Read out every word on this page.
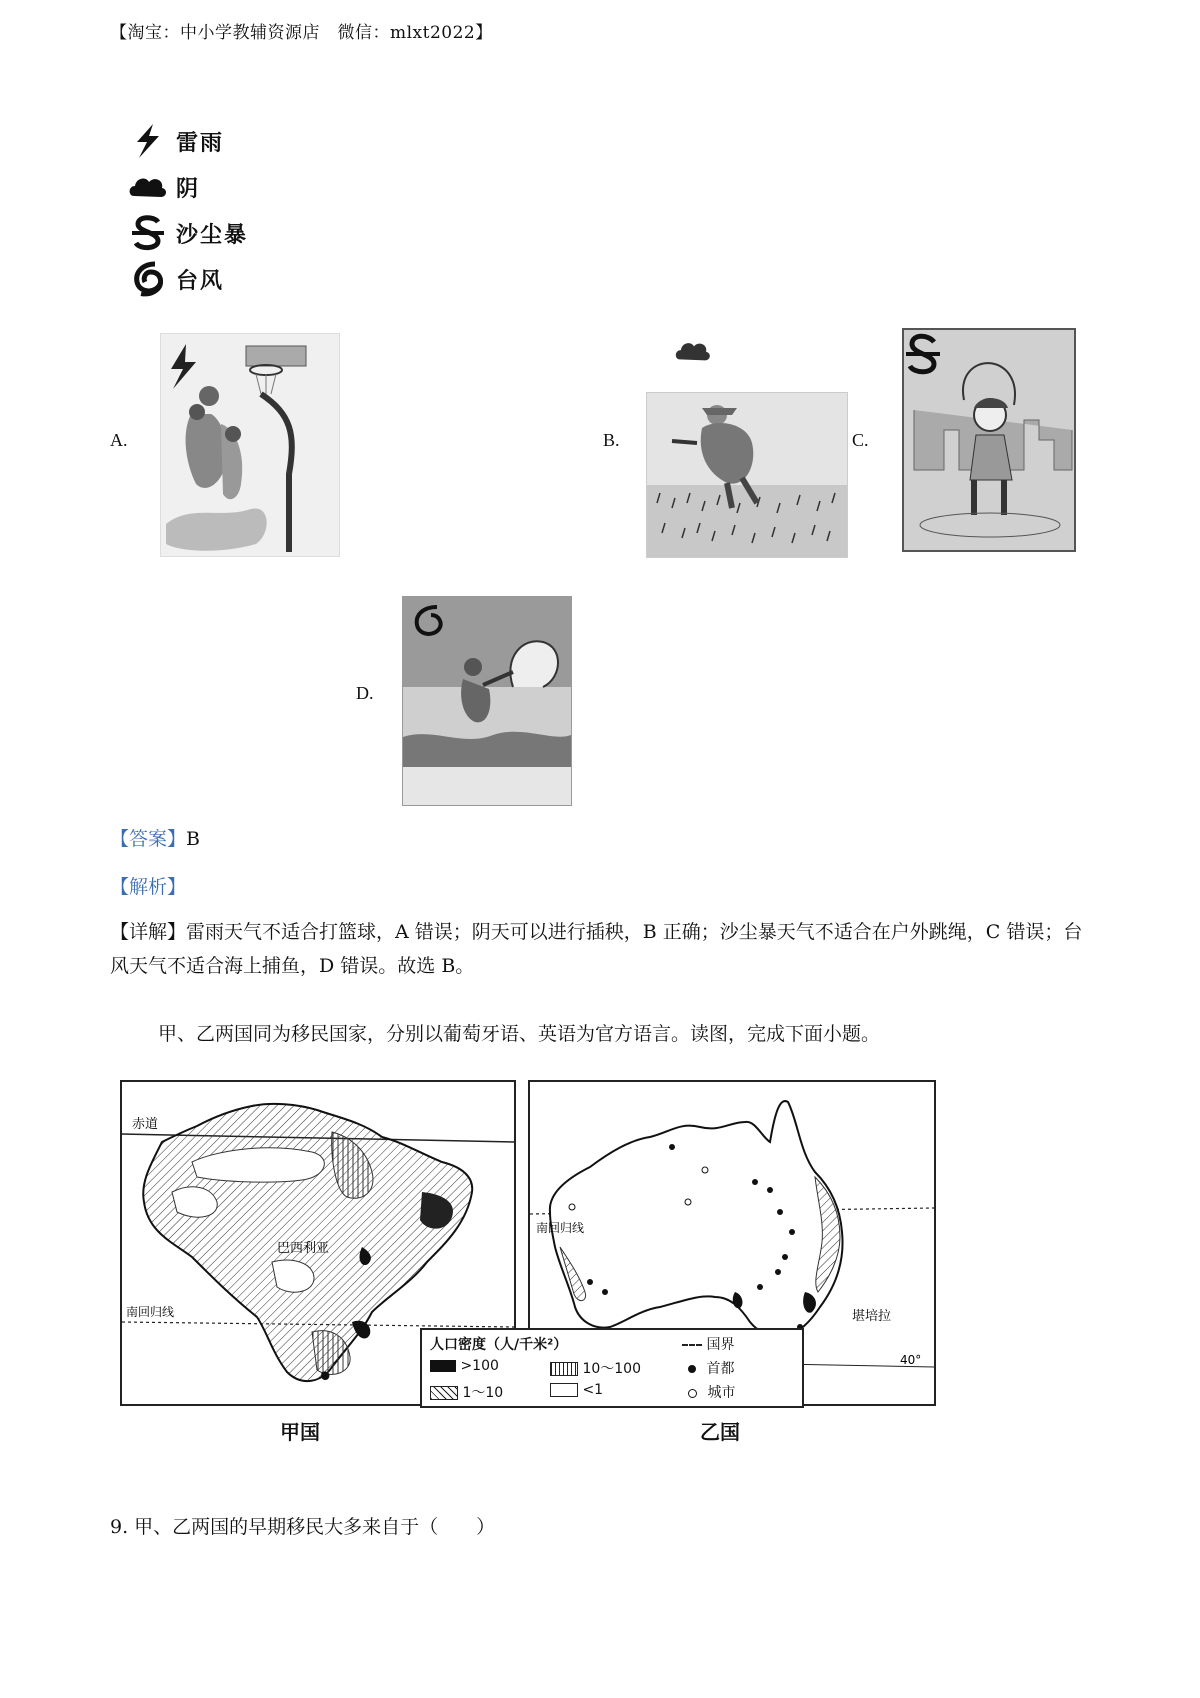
【淘宝：中小学教辅资源店　微信：mlxt2022】
雷雨
阴
沙尘暴
台风
A.	B.	C.
D.
【答案】B
【解析】
【详解】雷雨天气不适合打篮球，A 错误；阴天可以进行插秧，B 正确；沙尘暴天气不适合在户外跳绳，C 错误；台风天气不适合海上捕鱼，D 错误。故选 B。
甲、乙两国同为移民国家，分别以葡萄牙语、英语为官方语言。读图，完成下面小题。
赤道
南回归线
巴西利亚
甲国
南回归线
堪培拉
40°
乙国
人口密度（人/千米²）	国界
>100	10～100	首都
1～10	<1	城市
9. 甲、乙两国的早期移民大多来自于（　　）
